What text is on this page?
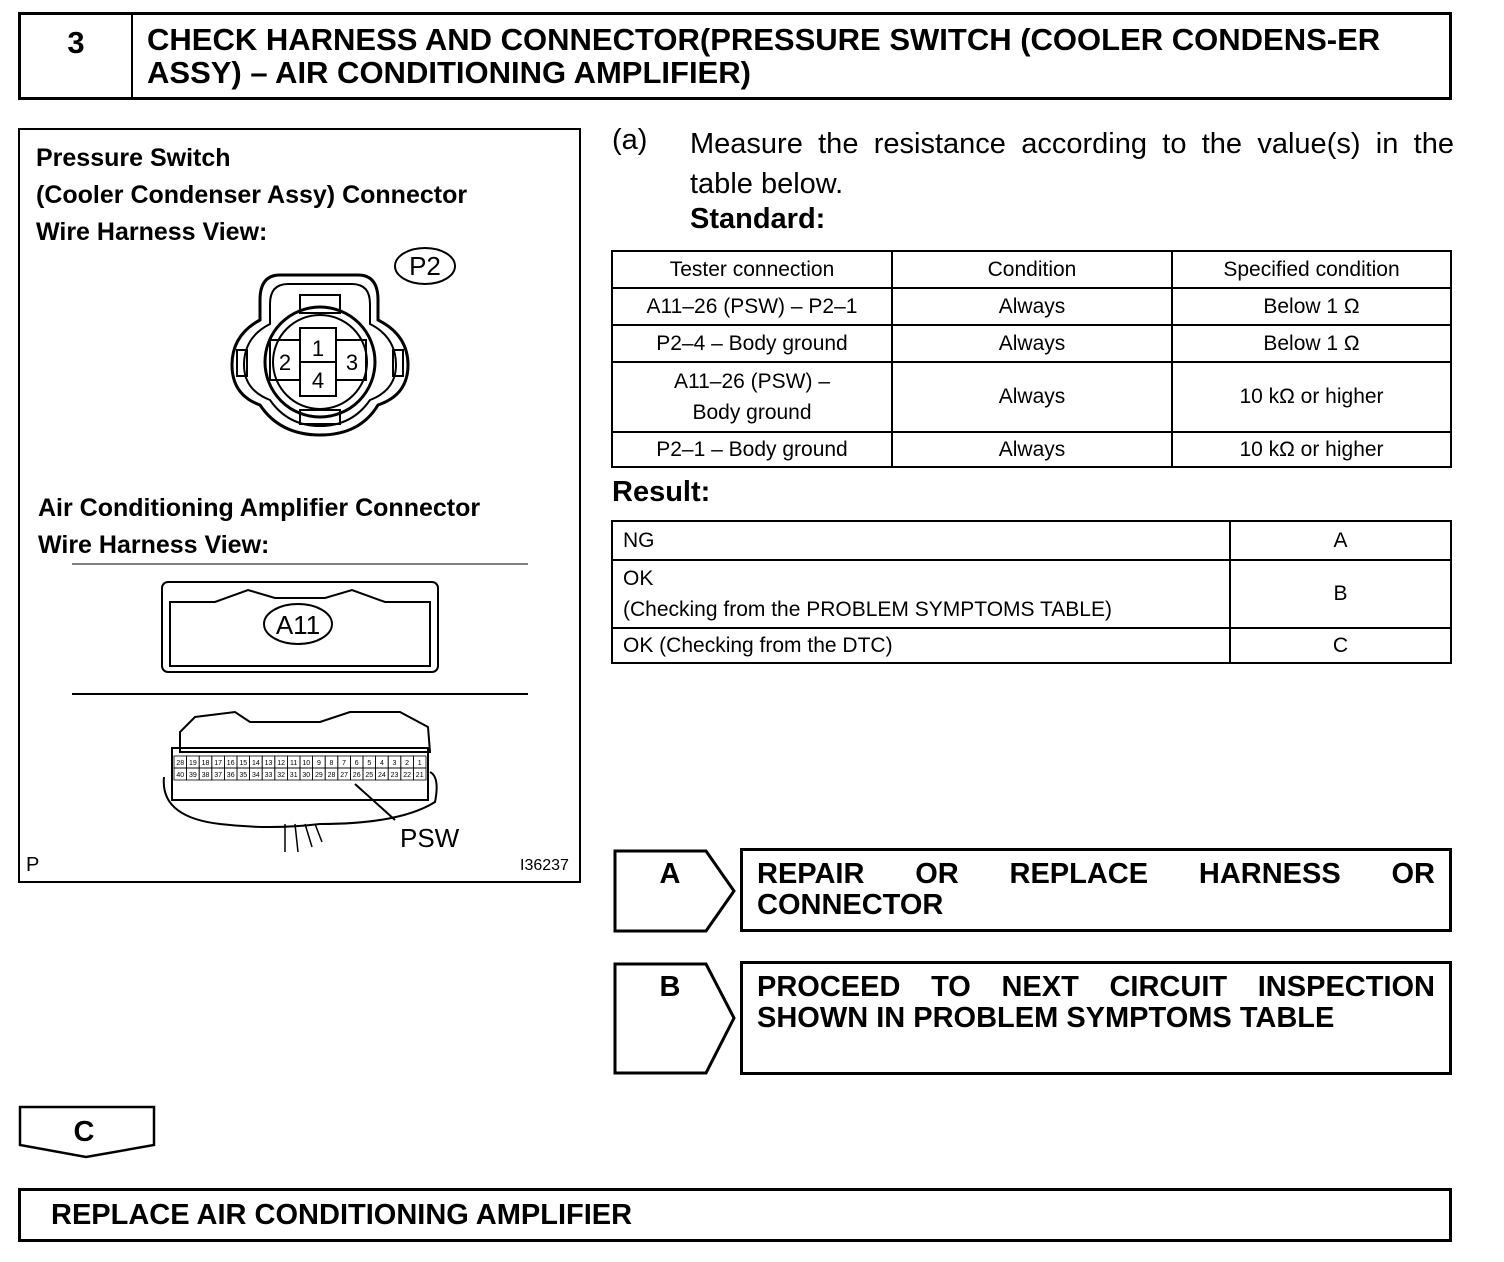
3	CHECK HARNESS AND CONNECTOR(PRESSURE SWITCH (COOLER CONDENS-ER ASSY) – AIR CONDITIONING AMPLIFIER)
Pressure Switch
(Cooler Condenser Assy) Connector
Wire Harness View:
P2
1
2 3
4
Air Conditioning Amplifier Connector
Wire Harness View:
A11
28 19 18 17 16 15 14 13 12 11 10 9 8 7 6 5 4 3 2 1
40 39 38 37 36 35 34 33 32 31 30 29 28 27 26 25 24 23 22 21
PSW
P	I36237
(a) Measure the resistance according to the value(s) in the table below.
Standard:
Tester connection	Condition	Specified condition
A11–26 (PSW) – P2–1	Always	Below 1 Ω
P2–4 – Body ground	Always	Below 1 Ω

A11–26 (PSW) –
Body ground	Always	10 kΩ or higher
P2–1 – Body ground	Always	10 kΩ or higher
Result:
NG	A

OK
(Checking from the PROBLEM SYMPTOMS TABLE)	B
OK (Checking from the DTC)	C
A	REPAIR OR REPLACE HARNESS OR CONNECTOR
B	PROCEED TO NEXT CIRCUIT INSPECTION SHOWN IN PROBLEM SYMPTOMS TABLE
C
REPLACE AIR CONDITIONING AMPLIFIER
